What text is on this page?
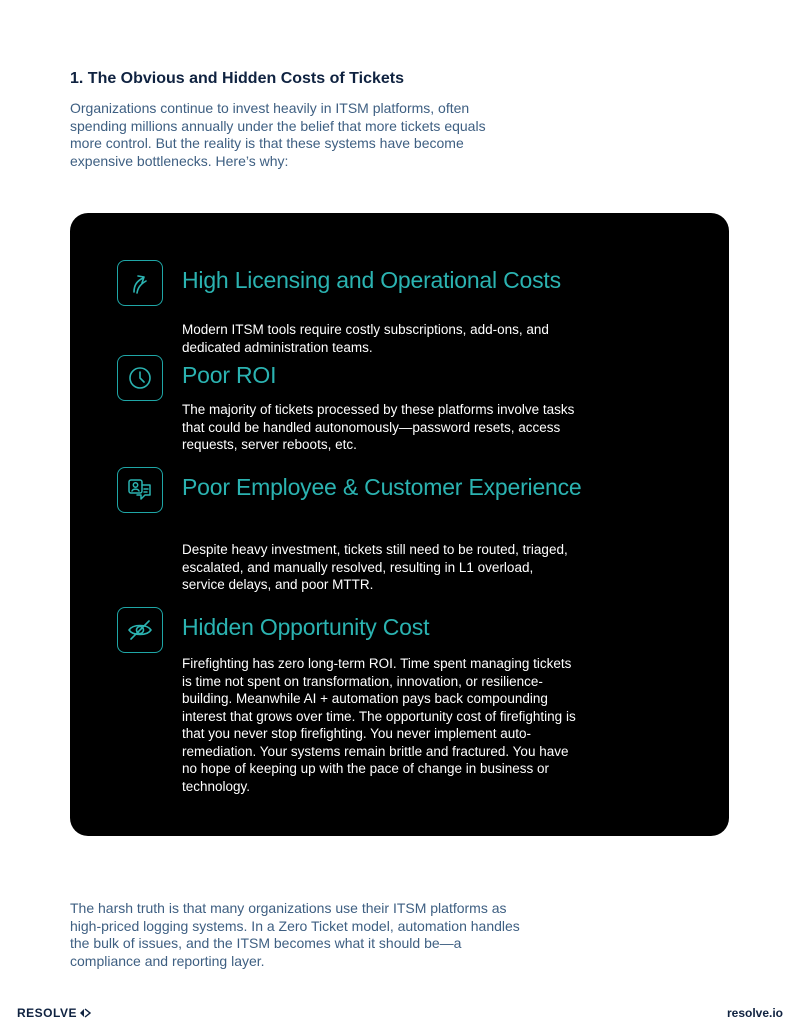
1. The Obvious and Hidden Costs of Tickets

Organizations continue to invest heavily in ITSM platforms, often spending millions annually under the belief that more tickets equals more control. But the reality is that these systems have become expensive bottlenecks. Here’s why:

High Licensing and Operational Costs

Modern ITSM tools require costly subscriptions, add-ons, and dedicated administration teams.

Poor ROI

The majority of tickets processed by these platforms involve tasks that could be handled autonomously—password resets, access requests, server reboots, etc.

Poor Employee & Customer Experience

Despite heavy investment, tickets still need to be routed, triaged, escalated, and manually resolved, resulting in L1 overload, service delays, and poor MTTR.

Hidden Opportunity Cost

Firefighting has zero long-term ROI. Time spent managing tickets is time not spent on transformation, innovation, or resilience-building. Meanwhile AI + automation pays back compounding interest that grows over time. The opportunity cost of firefighting is that you never stop firefighting. You never implement auto-remediation. Your systems remain brittle and fractured. You have no hope of keeping up with the pace of change in business or technology.

The harsh truth is that many organizations use their ITSM platforms as high-priced logging systems. In a Zero Ticket model, automation handles the bulk of issues, and the ITSM becomes what it should be—a compliance and reporting layer.

RESOLVE	resolve.io
